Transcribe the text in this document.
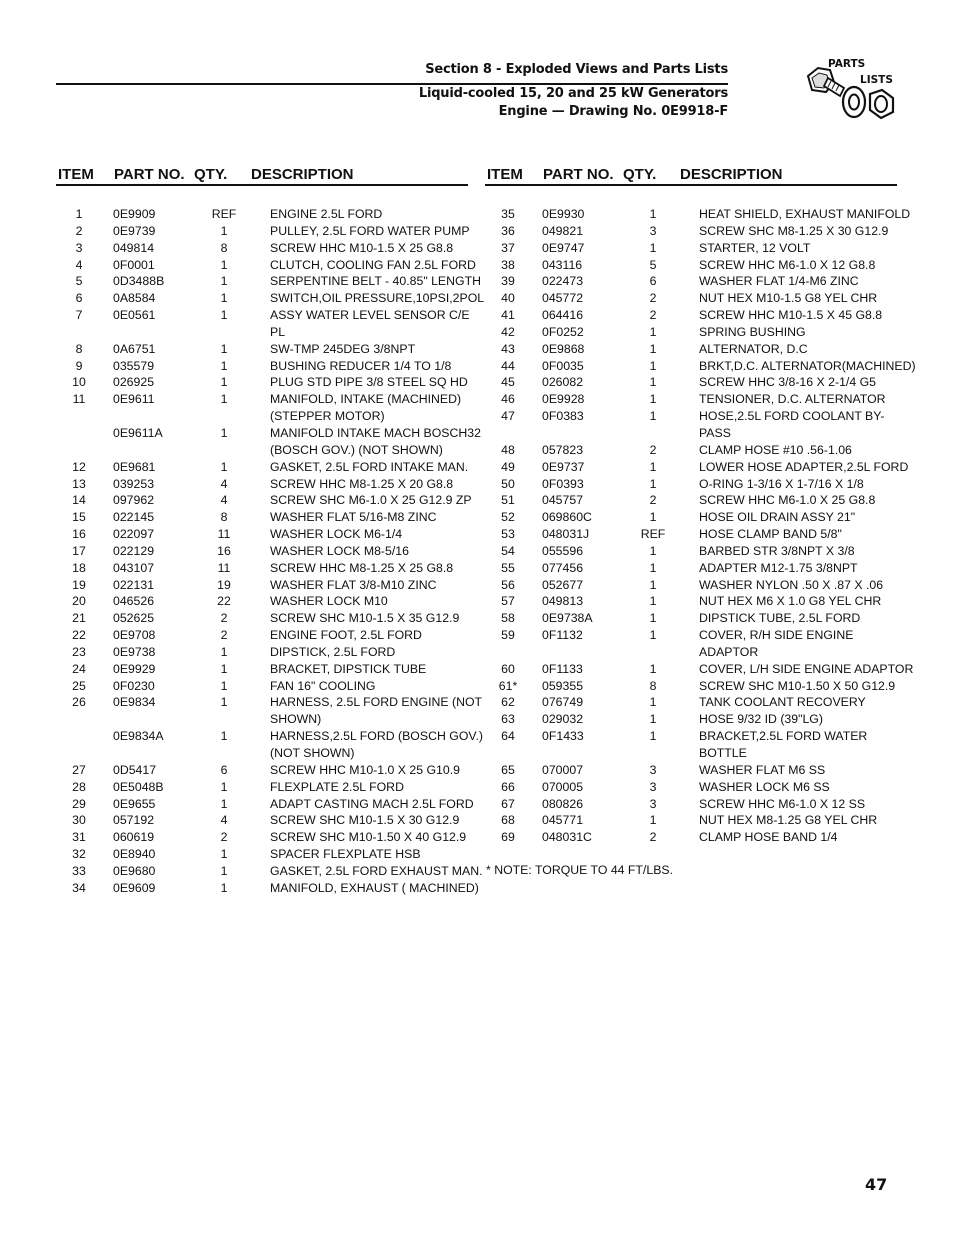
Section 8 - Exploded Views and Parts Lists
Liquid-cooled 15, 20 and 25 kW Generators
Engine — Drawing No. 0E9918-F
PARTS
LISTS
ITEM	PART NO. QTY.	DESCRIPTION
1	0E9909	REF	ENGINE 2.5L FORD
2	0E9739	1	PULLEY, 2.5L FORD WATER PUMP
3	049814	8	SCREW HHC M10-1.5 X 25 G8.8
4	0F0001	1	CLUTCH, COOLING FAN 2.5L FORD
5	0D3488B	1	SERPENTINE BELT - 40.85" LENGTH
6	0A8584	1	SWITCH,OIL PRESSURE,10PSI,2POL
7	0E0561	1	ASSY WATER LEVEL SENSOR C/E
PL
8	0A6751	1	SW-TMP 245DEG 3/8NPT
9	035579	1	BUSHING REDUCER 1/4 TO 1/8
10	026925	1	PLUG STD PIPE 3/8 STEEL SQ HD
11	0E9611	1	MANIFOLD, INTAKE (MACHINED)
(STEPPER MOTOR)
0E9611A	1	MANIFOLD INTAKE MACH BOSCH32
(BOSCH GOV.) (NOT SHOWN)
12	0E9681	1	GASKET, 2.5L FORD INTAKE MAN.
13	039253	4	SCREW HHC M8-1.25 X 20 G8.8
14	097962	4	SCREW SHC M6-1.0 X 25 G12.9 ZP
15	022145	8	WASHER FLAT 5/16-M8 ZINC
16	022097	11	WASHER LOCK M6-1/4
17	022129	16	WASHER LOCK M8-5/16
18	043107	11	SCREW HHC M8-1.25 X 25 G8.8
19	022131	19	WASHER FLAT 3/8-M10 ZINC
20	046526	22	WASHER LOCK M10
21	052625	2	SCREW SHC M10-1.5 X 35 G12.9
22	0E9708	2	ENGINE FOOT, 2.5L FORD
23	0E9738	1	DIPSTICK, 2.5L FORD
24	0E9929	1	BRACKET, DIPSTICK TUBE
25	0F0230	1	FAN 16" COOLING
26	0E9834	1	HARNESS, 2.5L FORD ENGINE (NOT
SHOWN)
0E9834A	1	HARNESS,2.5L FORD (BOSCH GOV.)
(NOT SHOWN)
27	0D5417	6	SCREW HHC M10-1.0 X 25 G10.9
28	0E5048B	1	FLEXPLATE 2.5L FORD
29	0E9655	1	ADAPT CASTING MACH 2.5L FORD
30	057192	4	SCREW SHC M10-1.5 X 30 G12.9
31	060619	2	SCREW SHC M10-1.50 X 40 G12.9
32	0E8940	1	SPACER FLEXPLATE HSB
33	0E9680	1	GASKET, 2.5L FORD EXHAUST MAN.
34	0E9609	1	MANIFOLD, EXHAUST ( MACHINED)
ITEM	PART NO. QTY.	DESCRIPTION
35	0E9930	1	HEAT SHIELD, EXHAUST MANIFOLD
36	049821	3	SCREW SHC M8-1.25 X 30 G12.9
37	0E9747	1	STARTER, 12 VOLT
38	043116	5	SCREW HHC M6-1.0 X 12 G8.8
39	022473	6	WASHER FLAT 1/4-M6 ZINC
40	045772	2	NUT HEX M10-1.5 G8 YEL CHR
41	064416	2	SCREW HHC M10-1.5 X 45 G8.8
42	0F0252	1	SPRING BUSHING
43	0E9868	1	ALTERNATOR, D.C
44	0F0035	1	BRKT,D.C. ALTERNATOR(MACHINED)
45	026082	1	SCREW HHC 3/8-16 X 2-1/4 G5
46	0E9928	1	TENSIONER, D.C. ALTERNATOR
47	0F0383	1	HOSE,2.5L FORD COOLANT BY-
PASS
48	057823	2	CLAMP HOSE #10 .56-1.06
49	0E9737	1	LOWER HOSE ADAPTER,2.5L FORD
50	0F0393	1	O-RING 1-3/16 X 1-7/16 X 1/8
51	045757	2	SCREW HHC M6-1.0 X 25 G8.8
52	069860C	1	HOSE OIL DRAIN ASSY 21"
53	048031J	REF	HOSE CLAMP BAND 5/8"
54	055596	1	BARBED STR 3/8NPT X 3/8
55	077456	1	ADAPTER M12-1.75 3/8NPT
56	052677	1	WASHER NYLON .50 X .87 X .06
57	049813	1	NUT HEX M6 X 1.0 G8 YEL CHR
58	0E9738A	1	DIPSTICK TUBE, 2.5L FORD
59	0F1132	1	COVER, R/H SIDE ENGINE
ADAPTOR
60	0F1133	1	COVER, L/H SIDE ENGINE ADAPTOR
61*	059355	8	SCREW SHC M10-1.50 X 50 G12.9
62	076749	1	TANK COOLANT RECOVERY
63	029032	1	HOSE 9/32 ID (39"LG)
64	0F1433	1	BRACKET,2.5L FORD WATER
BOTTLE
65	070007	3	WASHER FLAT M6 SS
66	070005	3	WASHER LOCK M6 SS
67	080826	3	SCREW HHC M6-1.0 X 12 SS
68	045771	1	NUT HEX M8-1.25 G8 YEL CHR
69	048031C	2	CLAMP HOSE BAND 1/4
* NOTE: TORQUE TO 44 FT/LBS.
47
